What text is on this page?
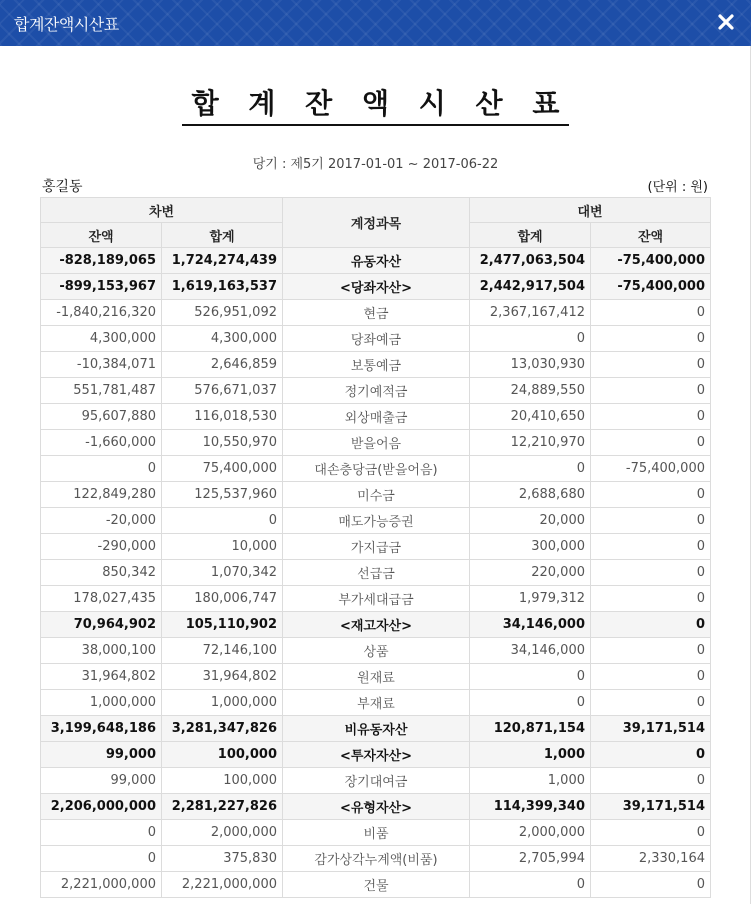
합계잔액시산표
합 계 잔 액 시 산 표
당기 : 제5기 2017-01-01 ~ 2017-06-22
홍길동	(단위 : 원)
차변		계정과목	대변	
잔액	합계		합계	잔액
-828,189,065	1,724,274,439	유동자산	2,477,063,504	-75,400,000
-899,153,967	1,619,163,537	<당좌자산>	2,442,917,504	-75,400,000
-1,840,216,320	526,951,092	현금	2,367,167,412	0
4,300,000	4,300,000	당좌예금	0	0
-10,384,071	2,646,859	보통예금	13,030,930	0
551,781,487	576,671,037	정기예적금	24,889,550	0
95,607,880	116,018,530	외상매출금	20,410,650	0
-1,660,000	10,550,970	받을어음	12,210,970	0
0	75,400,000	대손충당금(받을어음)	0	-75,400,000
122,849,280	125,537,960	미수금	2,688,680	0
-20,000	0	매도가능증권	20,000	0
-290,000	10,000	가지급금	300,000	0
850,342	1,070,342	선급금	220,000	0
178,027,435	180,006,747	부가세대급금	1,979,312	0
70,964,902	105,110,902	<재고자산>	34,146,000	0
38,000,100	72,146,100	상품	34,146,000	0
31,964,802	31,964,802	원재료	0	0
1,000,000	1,000,000	부재료	0	0
3,199,648,186	3,281,347,826	비유동자산	120,871,154	39,171,514
99,000	100,000	<투자자산>	1,000	0
99,000	100,000	장기대여금	1,000	0
2,206,000,000	2,281,227,826	<유형자산>	114,399,340	39,171,514
0	2,000,000	비품	2,000,000	0
0	375,830	감가상각누계액(비품)	2,705,994	2,330,164
2,221,000,000	2,221,000,000	건물	0	0
